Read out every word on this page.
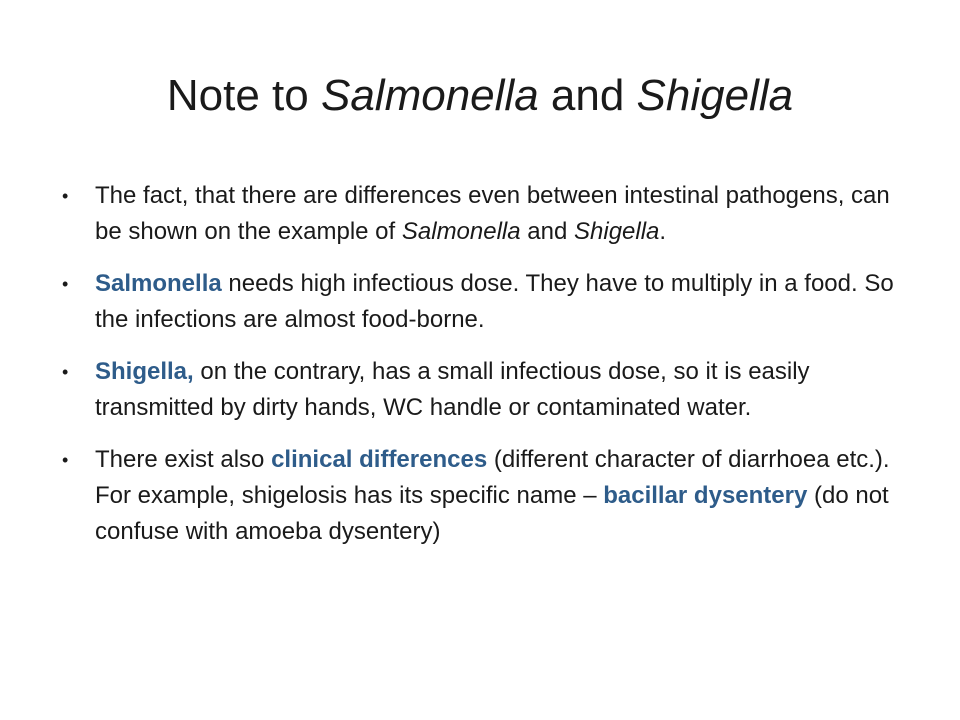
Note to Salmonella and Shigella
• The fact, that there are differences even between intestinal pathogens, can be shown on the example of Salmonella and Shigella.
• Salmonella needs high infectious dose. They have to multiply in a food. So the infections are almost food-borne.
• Shigella, on the contrary, has a small infectious dose, so it is easily transmitted by dirty hands, WC handle or contaminated water.
• There exist also clinical differences (different character of diarrhoea etc.). For example, shigelosis has its specific name – bacillar dysentery (do not confuse with amoeba dysentery)
